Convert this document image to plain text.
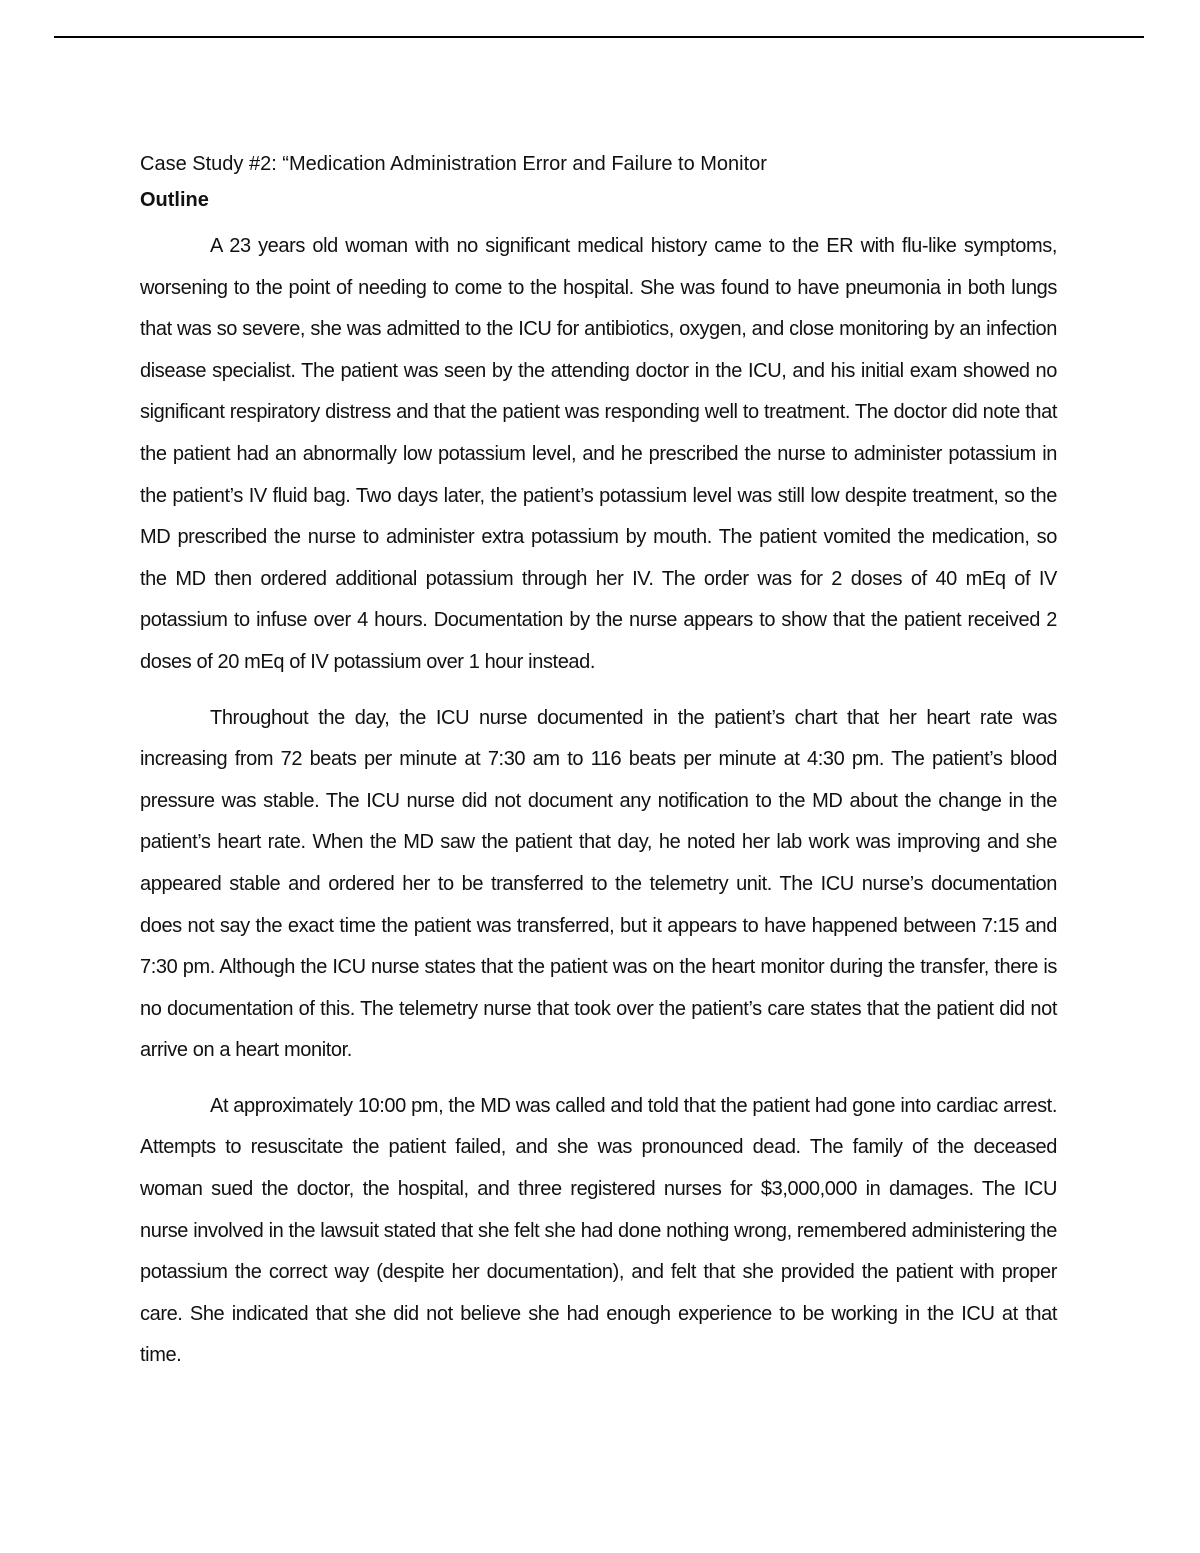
Case Study #2: “Medication Administration Error and Failure to Monitor

Outline

A 23 years old woman with no significant medical history came to the ER with flu-like symptoms, worsening to the point of needing to come to the hospital. She was found to have pneumonia in both lungs that was so severe, she was admitted to the ICU for antibiotics, oxygen, and close monitoring by an infection disease specialist. The patient was seen by the attending doctor in the ICU, and his initial exam showed no significant respiratory distress and that the patient was responding well to treatment. The doctor did note that the patient had an abnormally low potassium level, and he prescribed the nurse to administer potassium in the patient’s IV fluid bag. Two days later, the patient’s potassium level was still low despite treatment, so the MD prescribed the nurse to administer extra potassium by mouth. The patient vomited the medication, so the MD then ordered additional potassium through her IV. The order was for 2 doses of 40 mEq of IV potassium to infuse over 4 hours. Documentation by the nurse appears to show that the patient received 2 doses of 20 mEq of IV potassium over 1 hour instead.

Throughout the day, the ICU nurse documented in the patient’s chart that her heart rate was increasing from 72 beats per minute at 7:30 am to 116 beats per minute at 4:30 pm. The patient’s blood pressure was stable. The ICU nurse did not document any notification to the MD about the change in the patient’s heart rate. When the MD saw the patient that day, he noted her lab work was improving and she appeared stable and ordered her to be transferred to the telemetry unit. The ICU nurse’s documentation does not say the exact time the patient was transferred, but it appears to have happened between 7:15 and 7:30 pm. Although the ICU nurse states that the patient was on the heart monitor during the transfer, there is no documentation of this. The telemetry nurse that took over the patient’s care states that the patient did not arrive on a heart monitor.

At approximately 10:00 pm, the MD was called and told that the patient had gone into cardiac arrest. Attempts to resuscitate the patient failed, and she was pronounced dead. The family of the deceased woman sued the doctor, the hospital, and three registered nurses for $3,000,000 in damages. The ICU nurse involved in the lawsuit stated that she felt she had done nothing wrong, remembered administering the potassium the correct way (despite her documentation), and felt that she provided the patient with proper care. She indicated that she did not believe she had enough experience to be working in the ICU at that time.
